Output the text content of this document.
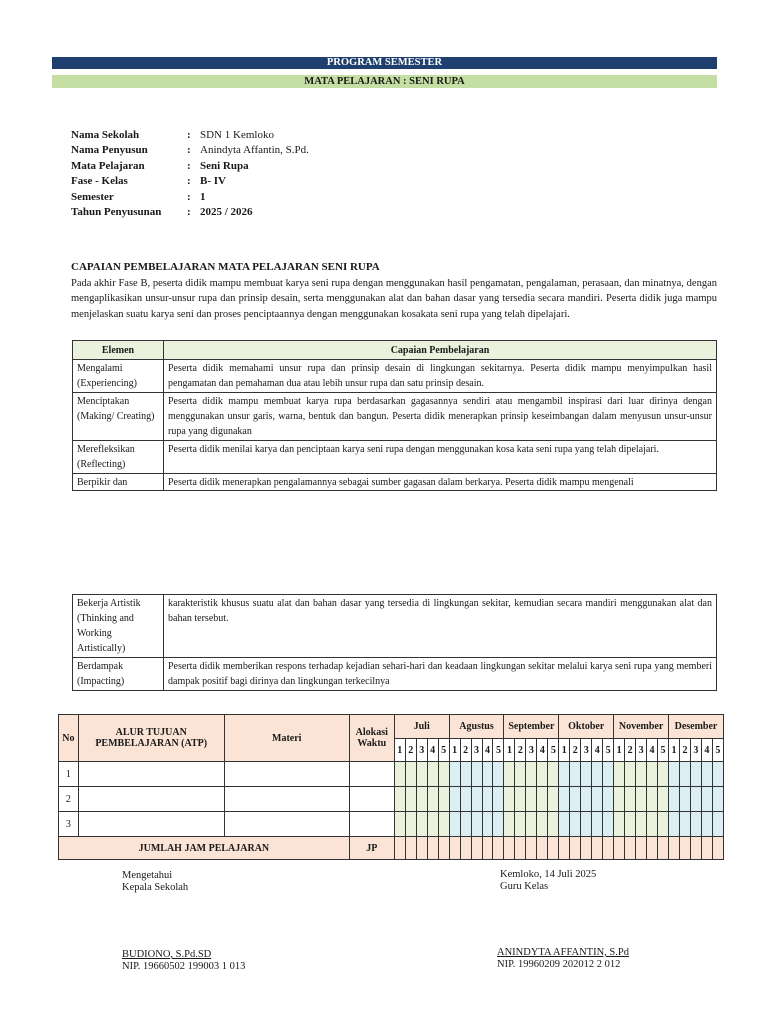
PROGRAM SEMESTER
MATA PELAJARAN : SENI RUPA
Nama Sekolah	: SDN 1 Kemloko
Nama Penyusun	: Anindyta Affantin, S.Pd.
Mata Pelajaran	: Seni Rupa
Fase - Kelas	: B- IV
Semester	: 1
Tahun Penyusunan	: 2025 / 2026
CAPAIAN PEMBELAJARAN MATA PELAJARAN SENI RUPA
Pada akhir Fase B, peserta didik mampu membuat karya seni rupa dengan menggunakan hasil pengamatan, pengalaman, perasaan, dan minatnya, dengan mengaplikasikan unsur-unsur rupa dan prinsip desain, serta menggunakan alat dan bahan dasar yang tersedia secara mandiri. Peserta didik juga mampu menjelaskan suatu karya seni dan proses penciptaannya dengan menggunakan kosakata seni rupa yang telah dipelajari.
Elemen	Capaian Pembelajaran
Mengalami (Experiencing)	Peserta didik memahami unsur rupa dan prinsip desain di lingkungan sekitarnya. Peserta didik mampu menyimpulkan hasil pengamatan dan pemahaman dua atau lebih unsur rupa dan satu prinsip desain.
Menciptakan (Making/ Creating)	Peserta didik mampu membuat karya rupa berdasarkan gagasannya sendiri atau mengambil inspirasi dari luar dirinya dengan menggunakan unsur garis, warna, bentuk dan bangun. Peserta didik menerapkan prinsip keseimbangan dalam menyusun unsur-unsur rupa yang digunakan
Merefleksikan (Reflecting)	Peserta didik menilai karya dan penciptaan karya seni rupa dengan menggunakan kosa kata seni rupa yang telah dipelajari.
Berpikir dan	Peserta didik menerapkan pengalamannya sebagai sumber gagasan dalam berkarya. Peserta didik mampu mengenali
Bekerja Artistik (Thinking and Working Artistically)	karakteristik khusus suatu alat dan bahan dasar yang tersedia di lingkungan sekitar, kemudian secara mandiri menggunakan alat dan bahan tersebut.
Berdampak (Impacting)	Peserta didik memberikan respons terhadap kejadian sehari-hari dan keadaan lingkungan sekitar melalui karya seni rupa yang memberi dampak positif bagi dirinya dan lingkungan terkecilnya
No	ALUR TUJUAN PEMBELAJARAN (ATP)	Materi	Alokasi Waktu	Juli					Agustus					September					Oktober					November					Desember				
				1	2	3	4	5	1	2	3	4	5	1	2	3	4	5	1	2	3	4	5	1	2	3	4	5	1	2	3	4	5
1																																	
2																																	
3																																	
JUMLAH JAM PELAJARAN			JP																														
Mengetahui
Kepala Sekolah
BUDIONO, S.Pd.SD
NIP. 19660502 199003 1 013
Kemloko, 14 Juli 2025
Guru Kelas
ANINDYTA AFFANTIN, S.Pd
NIP. 19960209 202012 2 012
